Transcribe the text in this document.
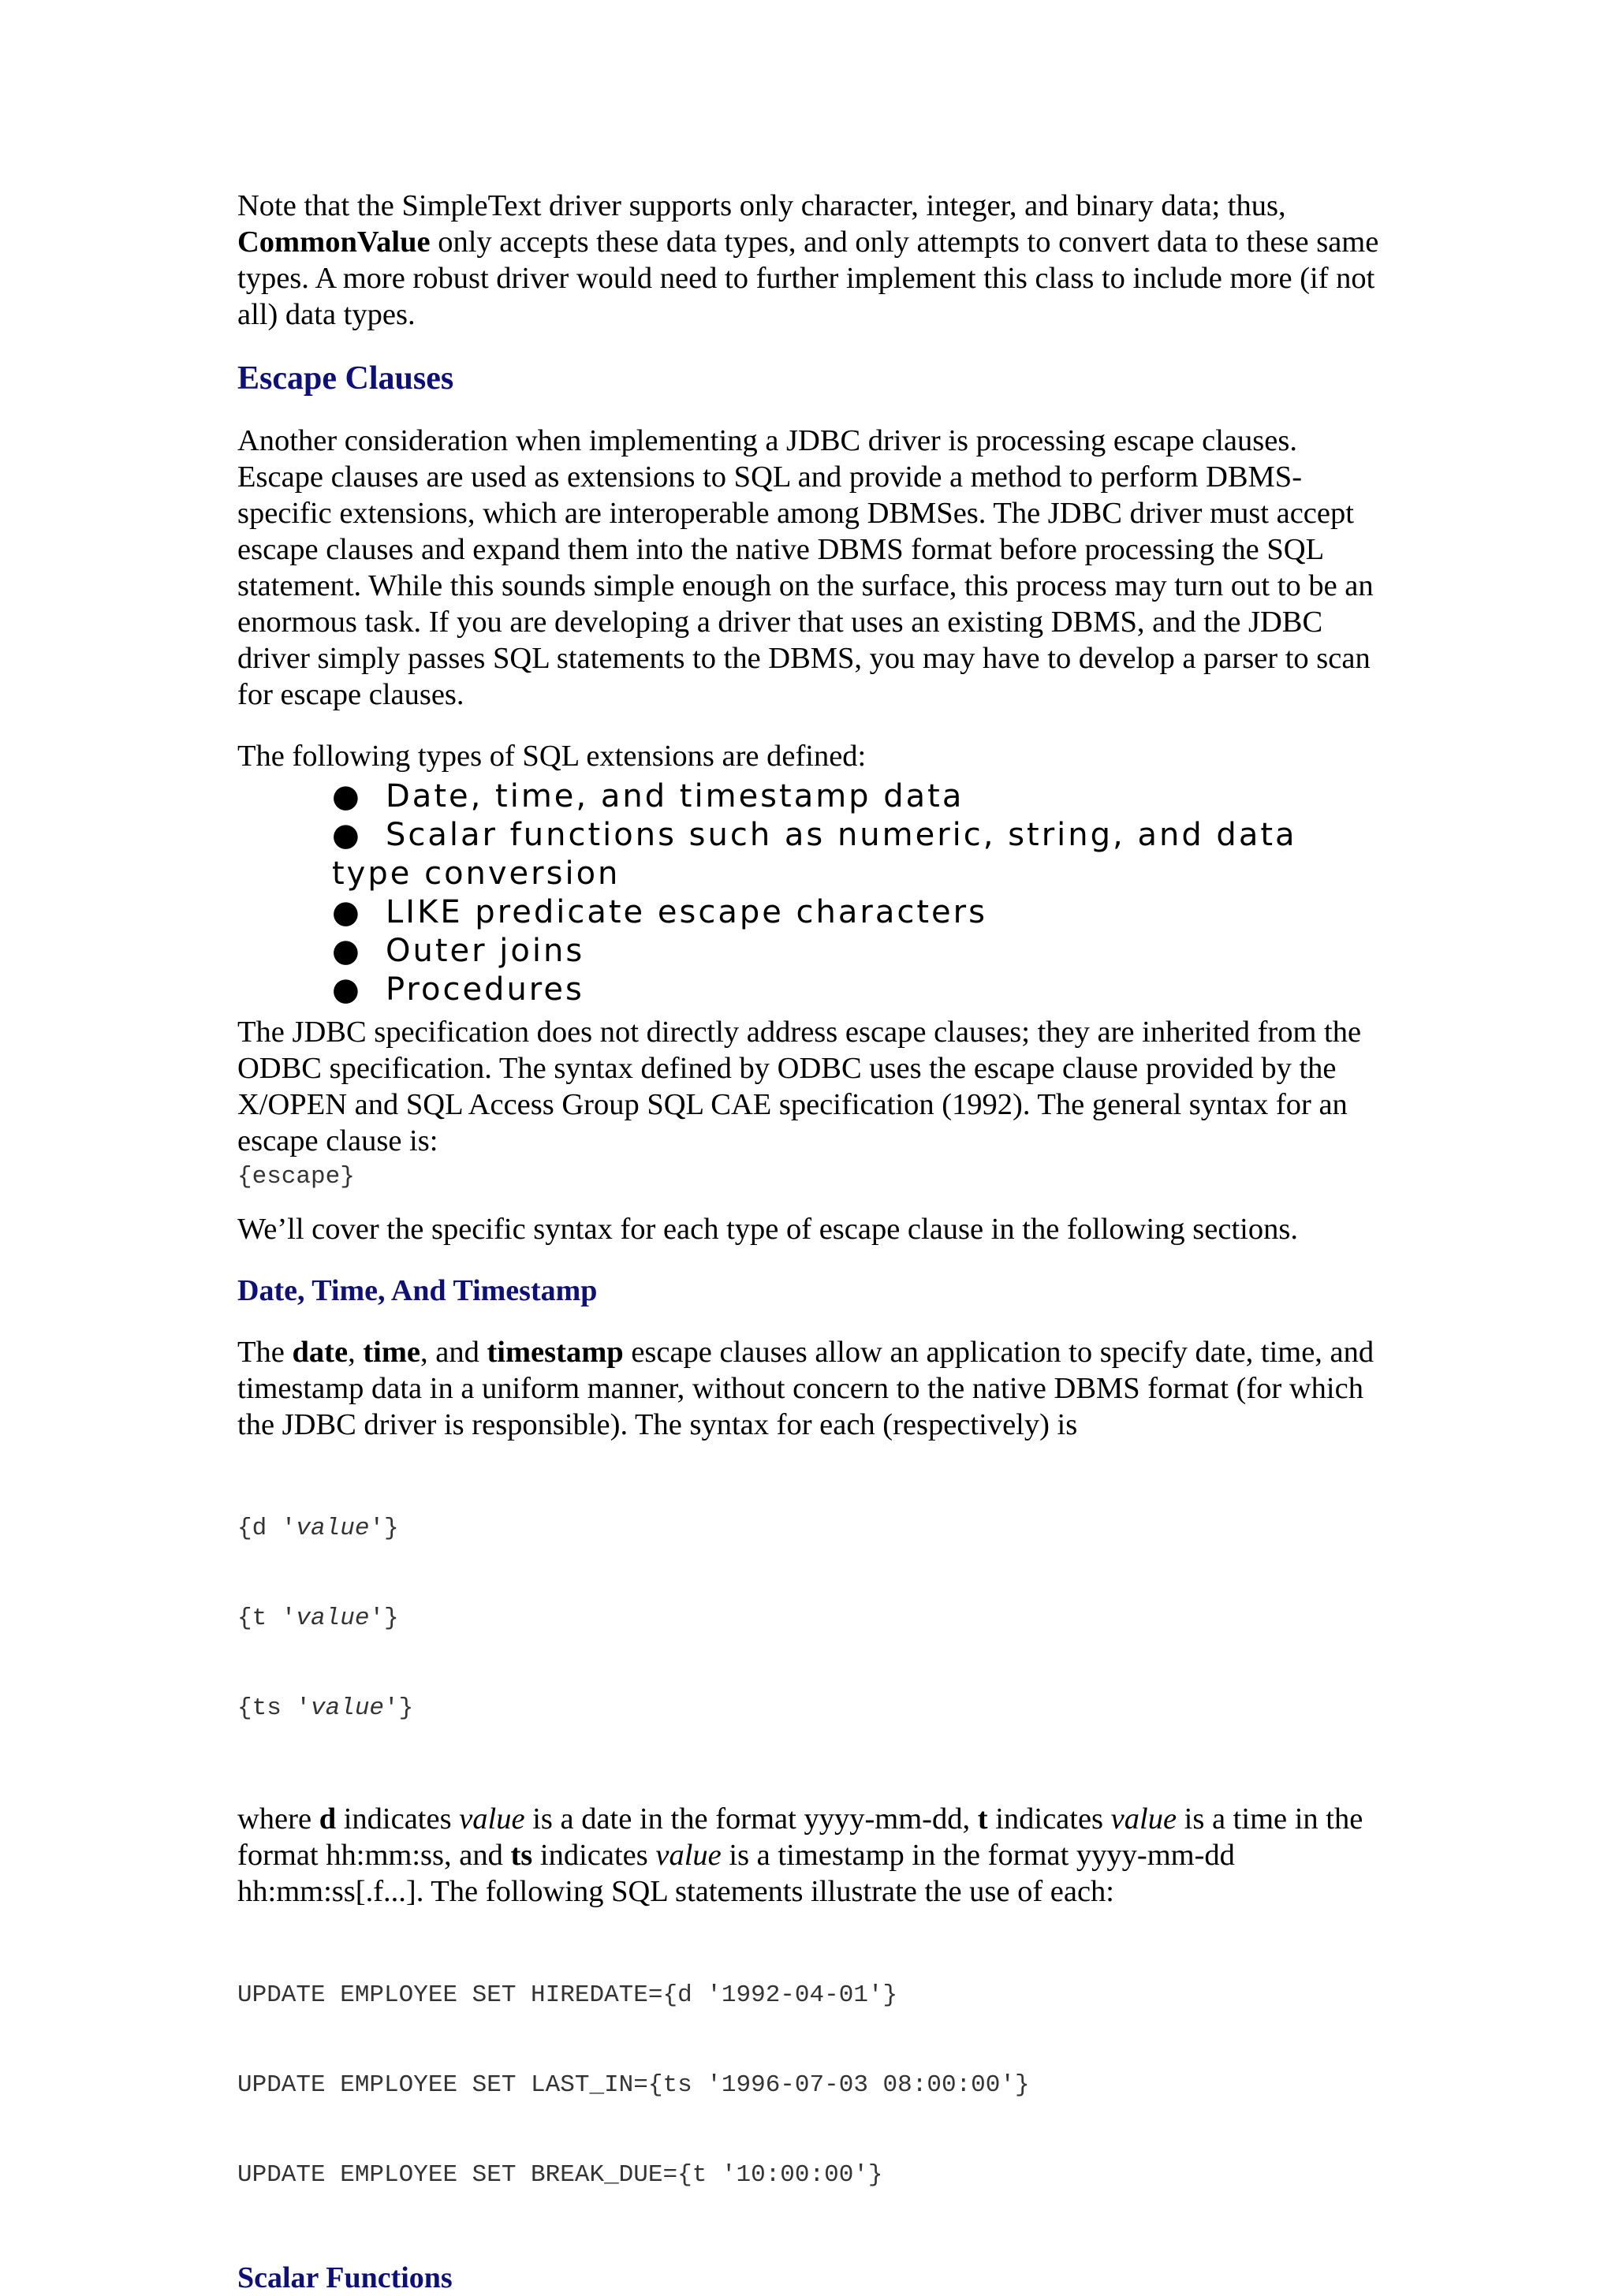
Note that the SimpleText driver supports only character, integer, and binary data; thus, CommonValue only accepts these data types, and only attempts to convert data to these same types. A more robust driver would need to further implement this class to include more (if not all) data types.

Escape Clauses

Another consideration when implementing a JDBC driver is processing escape clauses. Escape clauses are used as extensions to SQL and provide a method to perform DBMS-specific extensions, which are interoperable among DBMSes. The JDBC driver must accept escape clauses and expand them into the native DBMS format before processing the SQL statement. While this sounds simple enough on the surface, this process may turn out to be an enormous task. If you are developing a driver that uses an existing DBMS, and the JDBC driver simply passes SQL statements to the DBMS, you may have to develop a parser to scan for escape clauses.

The following types of SQL extensions are defined:

● Date, time, and timestamp data
● Scalar functions such as numeric, string, and data
type conversion
● LIKE predicate escape characters
● Outer joins
● Procedures

The JDBC specification does not directly address escape clauses; they are inherited from the ODBC specification. The syntax defined by ODBC uses the escape clause provided by the X/OPEN and SQL Access Group SQL CAE specification (1992). The general syntax for an escape clause is:

{escape}

We’ll cover the specific syntax for each type of escape clause in the following sections.

Date, Time, And Timestamp

The date, time, and timestamp escape clauses allow an application to specify date, time, and timestamp data in a uniform manner, without concern to the native DBMS format (for which the JDBC driver is responsible). The syntax for each (respectively) is

{d 'value'}

{t 'value'}

{ts 'value'}

where d indicates value is a date in the format yyyy-mm-dd, t indicates value is a time in the format hh:mm:ss, and ts indicates value is a timestamp in the format yyyy-mm-dd hh:mm:ss[.f...]. The following SQL statements illustrate the use of each:

UPDATE EMPLOYEE SET HIREDATE={d '1992-04-01'}

UPDATE EMPLOYEE SET LAST_IN={ts '1996-07-03 08:00:00'}

UPDATE EMPLOYEE SET BREAK_DUE={t '10:00:00'}

Scalar Functions
